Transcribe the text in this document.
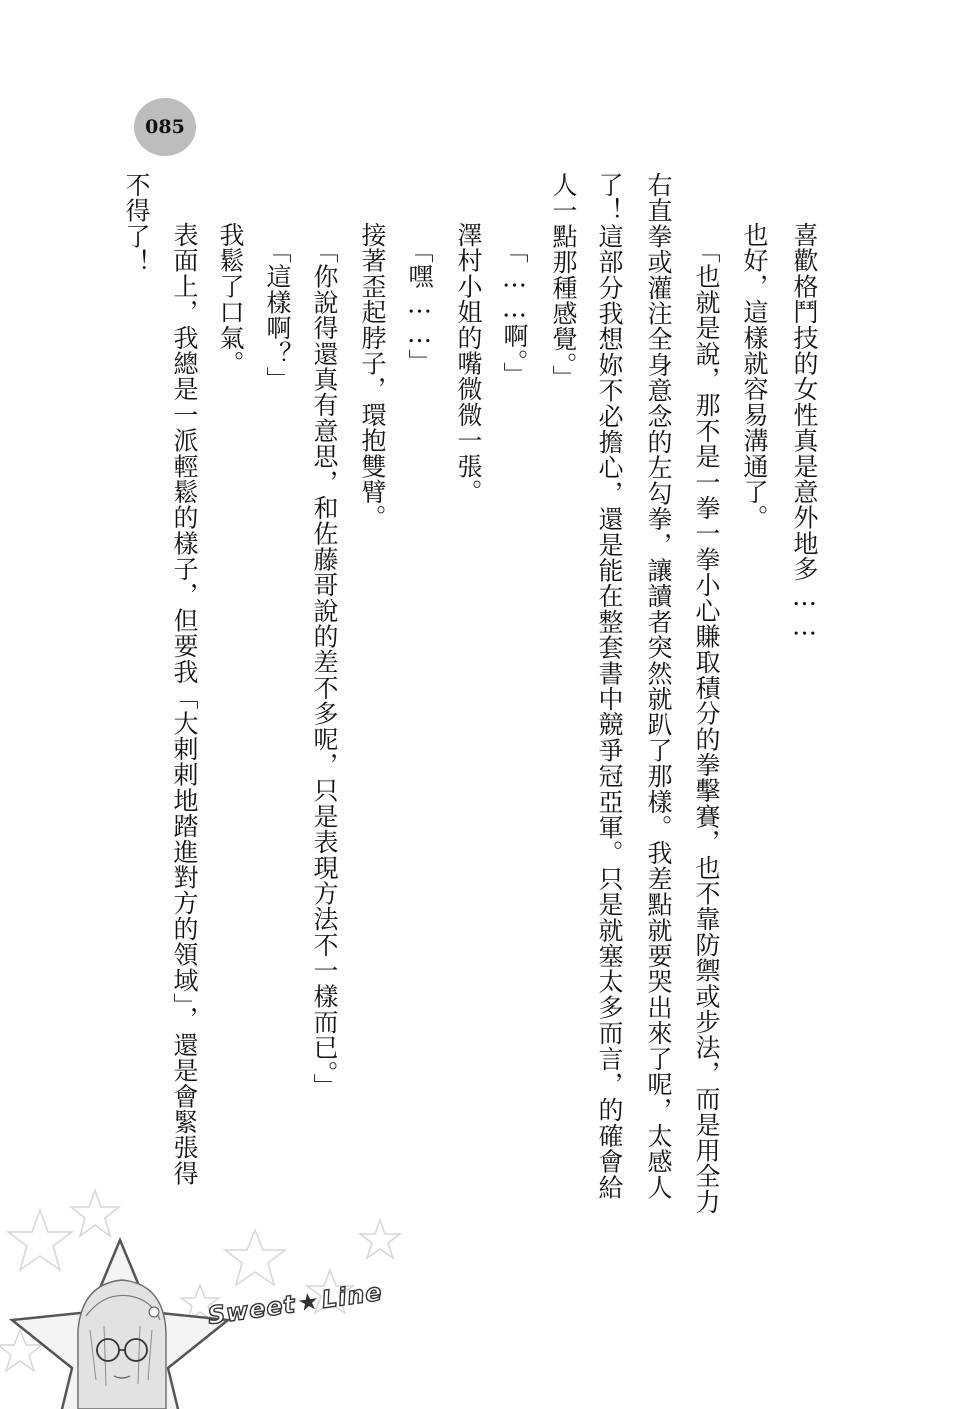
085
喜歡格鬥技的女性真是意外地多……
也好，這樣就容易溝通了。
「也就是說，那不是一拳一拳小心賺取積分的拳擊賽，也不靠防禦或步法，而是用全力
右直拳或灌注全身意念的左勾拳，讓讀者突然就趴了那樣。我差點就要哭出來了呢，太感人
了！這部分我想妳不必擔心，還是能在整套書中競爭冠亞軍。只是就塞太多而言，的確會給
人一點那種感覺。」
「……啊。」
澤村小姐的嘴微微一張。
「嘿……」
接著歪起脖子，環抱雙臂。
「你說得還真有意思，和佐藤哥說的差不多呢，只是表現方法不一樣而已。」
「這樣啊？」
我鬆了口氣。
表面上，我總是一派輕鬆的樣子，但要我「大剌剌地踏進對方的領域」，還是會緊張得
不得了！
Sweet★Line
